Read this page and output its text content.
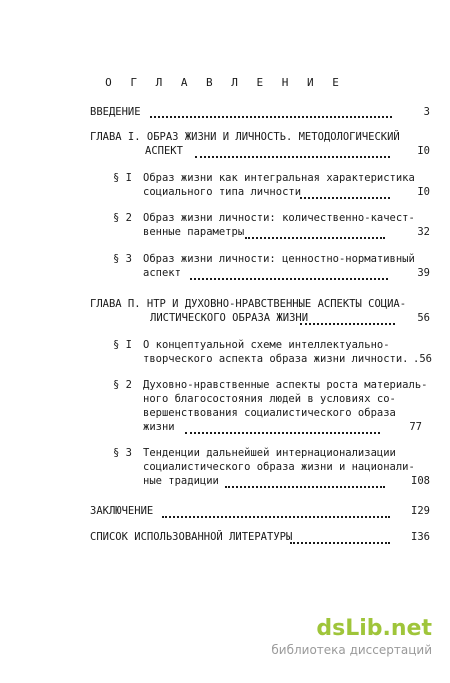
О Г Л А В Л Е Н И Е
ВВЕДЕНИЕ	3
ГЛАВА I. ОБРАЗ ЖИЗНИ И ЛИЧНОСТЬ. МЕТОДОЛОГИЧЕСКИЙ
АСПЕКТ	I0
§ I Образ жизни как интегральная характеристика
социального типа личности	I0
§ 2 Образ жизни личности: количественно-качест-
венные параметры	32
§ 3 Образ жизни личности: ценностно-нормативный
аспект	39
ГЛАВА П. НТР И ДУХОВНО-НРАВСТВЕННЫЕ АСПЕКТЫ СОЦИА-
ЛИСТИЧЕСКОГО ОБРАЗА ЖИЗНИ	56
§ I О концептуальной схеме интеллектуально-
творческого аспекта образа жизни личности. .56
§ 2 Духовно-нравственные аспекты роста материаль-
ного благосостояния людей в условиях со-
вершенствования социалистического образа
жизни	77
§ 3 Тенденции дальнейшей интернационализации
социалистического образа жизни и национали-
ные традиции	I08
ЗАКЛЮЧЕНИЕ	I29
СПИСОК ИСПОЛЬЗОВАННОЙ ЛИТЕРАТУРЫ	I36
dsLib.net
библиотека диссертаций
